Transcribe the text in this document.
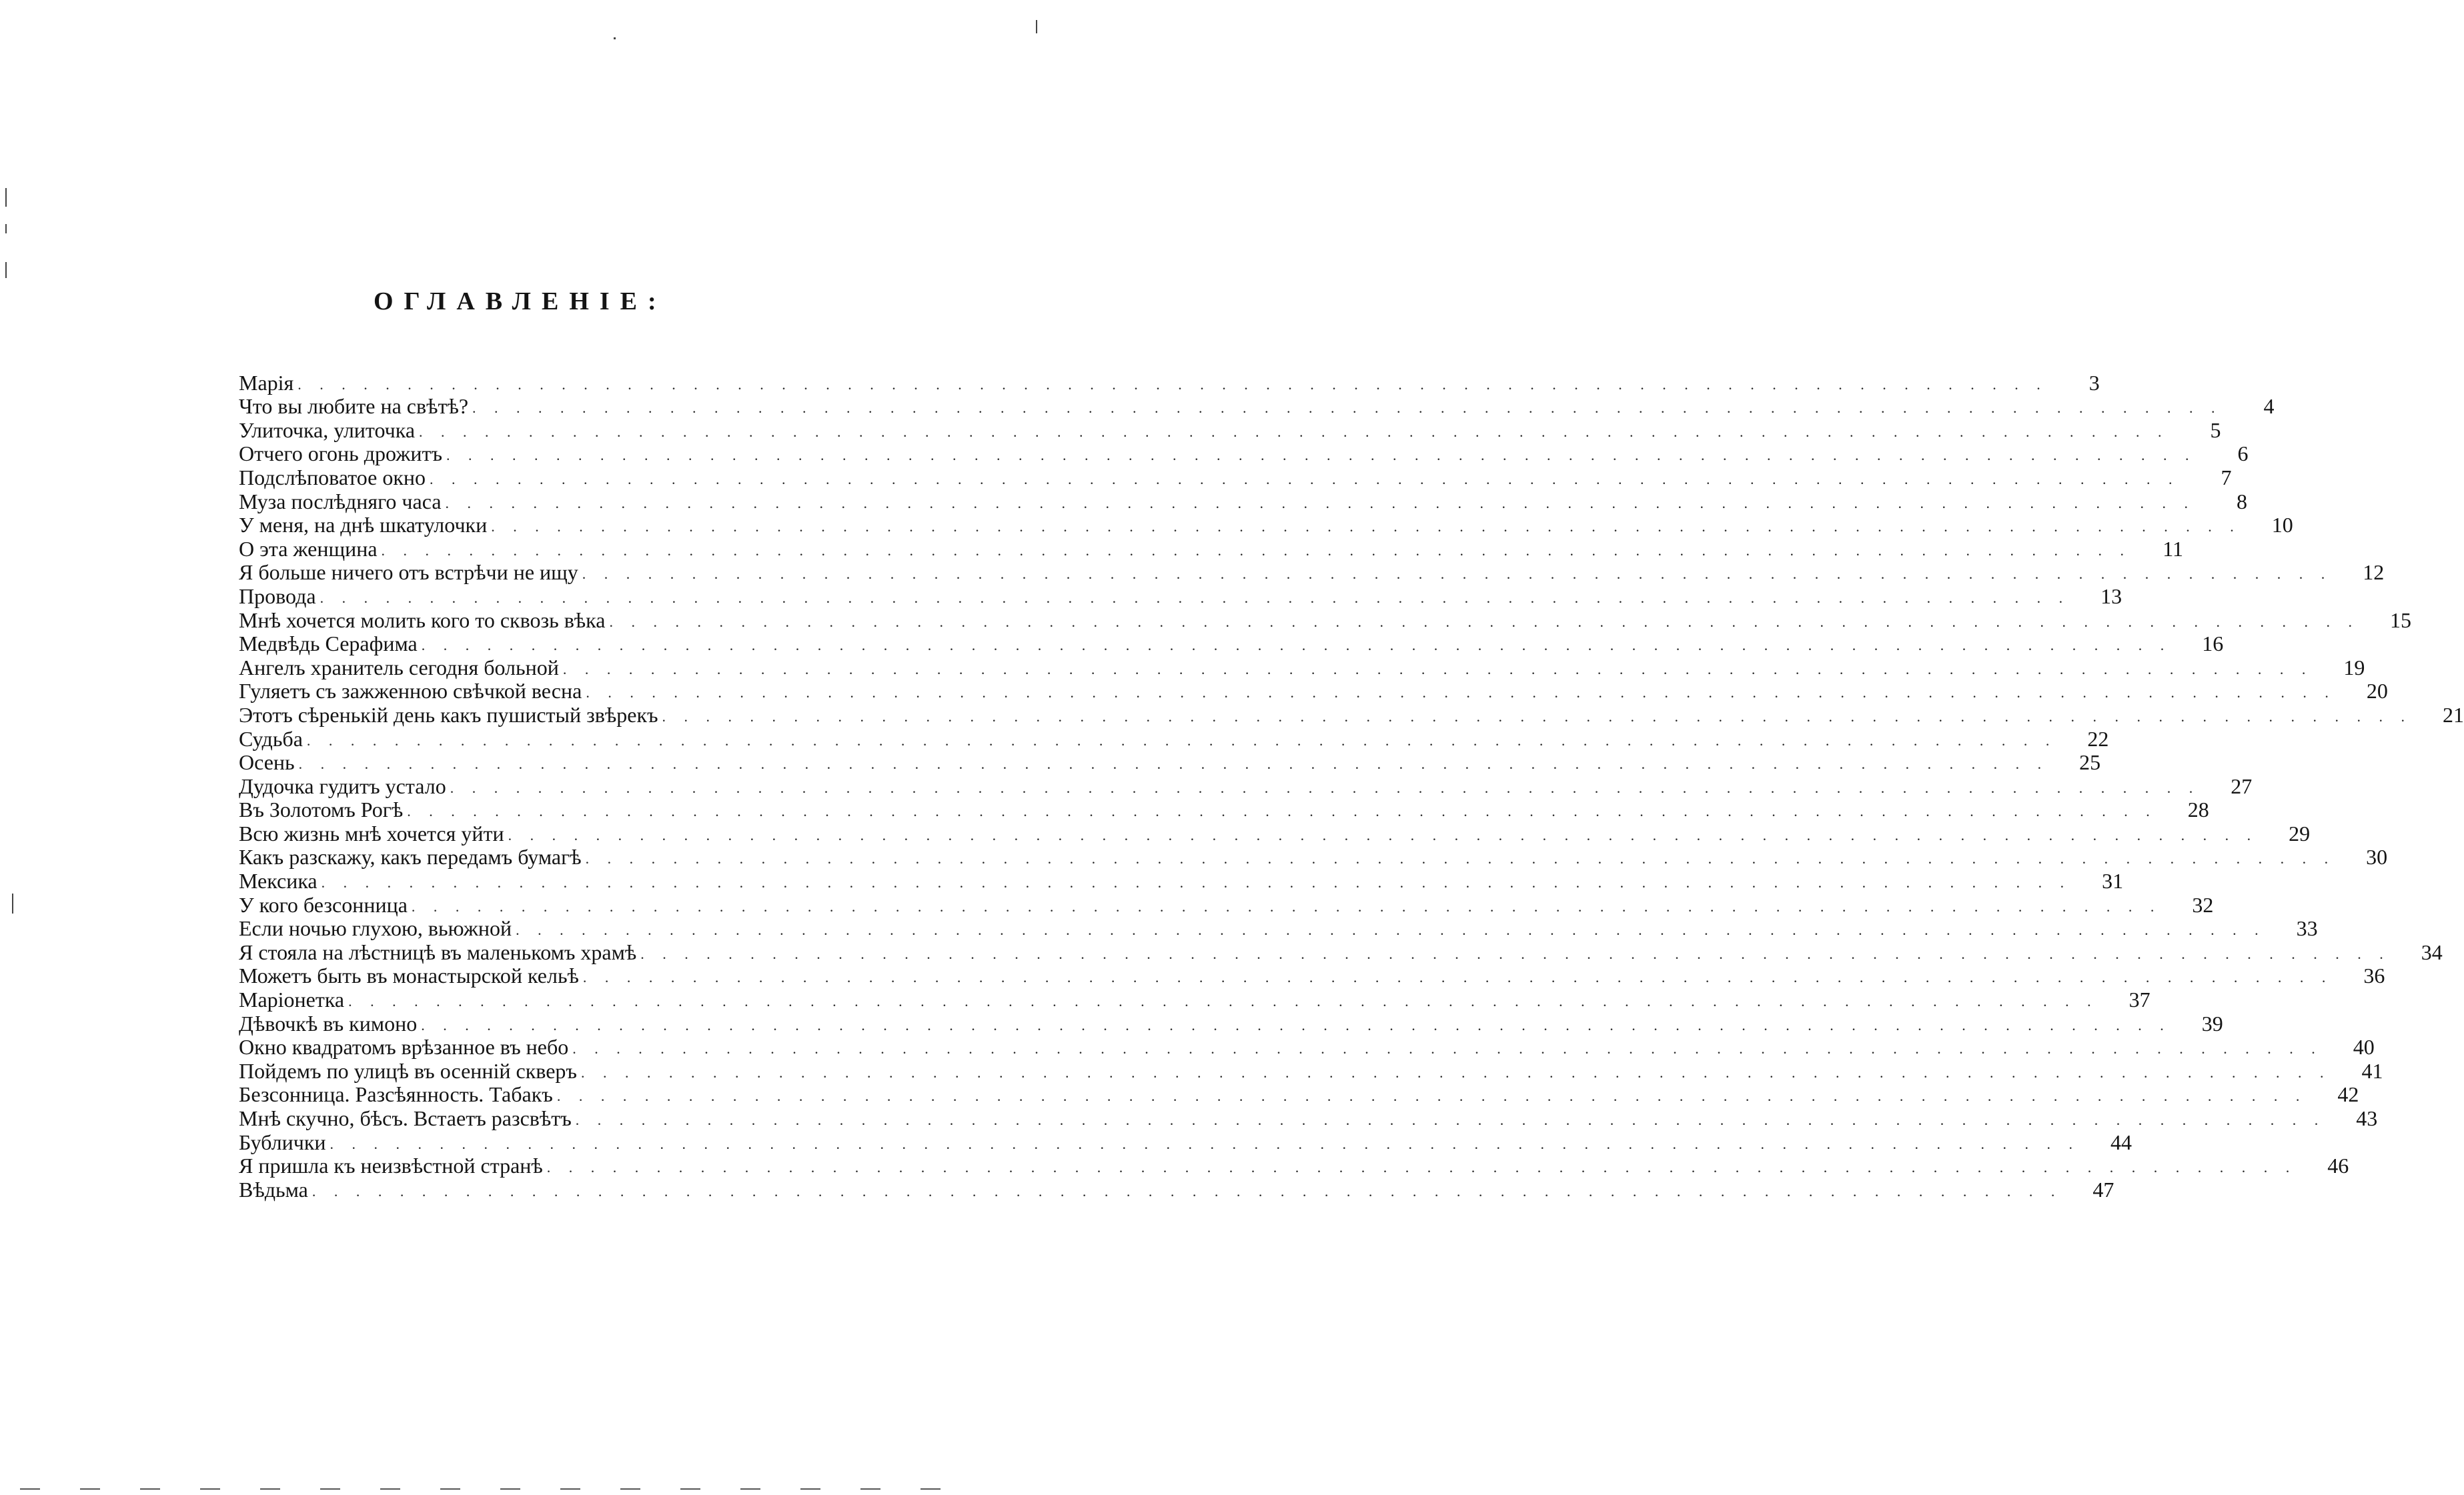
ОГЛАВЛЕНІЕ:
Марія . . . . . . . . . . . . . . . . . . . . . . . . . . . . . . . . . . . . . . . . . . . . . . . . . . . . . . . . . . . . . . . . . . . . . . . . . . . . . . . .	3
Что вы любите на свѣтѣ? . . . . . . . . . . . . . . . . . . . . . . . . . . . . . . . . . . . . . . . . . . . . . . . . . . . . . . . . . . . . . . . . . . . . . . . . . . . . . . . .	4
Улиточка, улиточка . . . . . . . . . . . . . . . . . . . . . . . . . . . . . . . . . . . . . . . . . . . . . . . . . . . . . . . . . . . . . . . . . . . . . . . . . . . . . . . .	5
Отчего огонь дрожитъ . . . . . . . . . . . . . . . . . . . . . . . . . . . . . . . . . . . . . . . . . . . . . . . . . . . . . . . . . . . . . . . . . . . . . . . . . . . . . . . .	6
Подслѣповатое окно . . . . . . . . . . . . . . . . . . . . . . . . . . . . . . . . . . . . . . . . . . . . . . . . . . . . . . . . . . . . . . . . . . . . . . . . . . . . . . . .	7
Муза послѣдняго часа . . . . . . . . . . . . . . . . . . . . . . . . . . . . . . . . . . . . . . . . . . . . . . . . . . . . . . . . . . . . . . . . . . . . . . . . . . . . . . . .	8
У меня, на днѣ шкатулочки . . . . . . . . . . . . . . . . . . . . . . . . . . . . . . . . . . . . . . . . . . . . . . . . . . . . . . . . . . . . . . . . . . . . . . . . . . . . . . . .	10
О эта женщина . . . . . . . . . . . . . . . . . . . . . . . . . . . . . . . . . . . . . . . . . . . . . . . . . . . . . . . . . . . . . . . . . . . . . . . . . . . . . . . .	11
Я больше ничего отъ встрѣчи не ищу . . . . . . . . . . . . . . . . . . . . . . . . . . . . . . . . . . . . . . . . . . . . . . . . . . . . . . . . . . . . . . . . . . . . . . . . . . . . . . . .	12
Провода . . . . . . . . . . . . . . . . . . . . . . . . . . . . . . . . . . . . . . . . . . . . . . . . . . . . . . . . . . . . . . . . . . . . . . . . . . . . . . . .	13
Мнѣ хочется молить кого то сквозь вѣка . . . . . . . . . . . . . . . . . . . . . . . . . . . . . . . . . . . . . . . . . . . . . . . . . . . . . . . . . . . . . . . . . . . . . . . . . . . . . . . .	15
Медвѣдь Серафима . . . . . . . . . . . . . . . . . . . . . . . . . . . . . . . . . . . . . . . . . . . . . . . . . . . . . . . . . . . . . . . . . . . . . . . . . . . . . . . .	16
Ангелъ хранитель сегодня больной . . . . . . . . . . . . . . . . . . . . . . . . . . . . . . . . . . . . . . . . . . . . . . . . . . . . . . . . . . . . . . . . . . . . . . . . . . . . . . . .	19
Гуляетъ съ зажженною свѣчкой весна . . . . . . . . . . . . . . . . . . . . . . . . . . . . . . . . . . . . . . . . . . . . . . . . . . . . . . . . . . . . . . . . . . . . . . . . . . . . . . . .	20
Этотъ сѣренькій день какъ пушистый звѣрекъ . . . . . . . . . . . . . . . . . . . . . . . . . . . . . . . . . . . . . . . . . . . . . . . . . . . . . . . . . . . . . . . . . . . . . . . . . . . . . . . .	21
Судьба . . . . . . . . . . . . . . . . . . . . . . . . . . . . . . . . . . . . . . . . . . . . . . . . . . . . . . . . . . . . . . . . . . . . . . . . . . . . . . . .	22
Осень . . . . . . . . . . . . . . . . . . . . . . . . . . . . . . . . . . . . . . . . . . . . . . . . . . . . . . . . . . . . . . . . . . . . . . . . . . . . . . . .	25
Дудочка гудитъ устало . . . . . . . . . . . . . . . . . . . . . . . . . . . . . . . . . . . . . . . . . . . . . . . . . . . . . . . . . . . . . . . . . . . . . . . . . . . . . . . .	27
Въ Золотомъ Рогѣ . . . . . . . . . . . . . . . . . . . . . . . . . . . . . . . . . . . . . . . . . . . . . . . . . . . . . . . . . . . . . . . . . . . . . . . . . . . . . . . .	28
Всю жизнь мнѣ хочется уйти . . . . . . . . . . . . . . . . . . . . . . . . . . . . . . . . . . . . . . . . . . . . . . . . . . . . . . . . . . . . . . . . . . . . . . . . . . . . . . . .	29
Какъ разскажу, какъ передамъ бумагѣ . . . . . . . . . . . . . . . . . . . . . . . . . . . . . . . . . . . . . . . . . . . . . . . . . . . . . . . . . . . . . . . . . . . . . . . . . . . . . . . .	30
Мексика . . . . . . . . . . . . . . . . . . . . . . . . . . . . . . . . . . . . . . . . . . . . . . . . . . . . . . . . . . . . . . . . . . . . . . . . . . . . . . . .	31
У кого безсонница . . . . . . . . . . . . . . . . . . . . . . . . . . . . . . . . . . . . . . . . . . . . . . . . . . . . . . . . . . . . . . . . . . . . . . . . . . . . . . . .	32
Если ночью глухою, вьюжной . . . . . . . . . . . . . . . . . . . . . . . . . . . . . . . . . . . . . . . . . . . . . . . . . . . . . . . . . . . . . . . . . . . . . . . . . . . . . . . .	33
Я стояла на лѣстницѣ въ маленькомъ храмѣ . . . . . . . . . . . . . . . . . . . . . . . . . . . . . . . . . . . . . . . . . . . . . . . . . . . . . . . . . . . . . . . . . . . . . . . . . . . . . . . .	34
Можетъ быть въ монастырской кельѣ . . . . . . . . . . . . . . . . . . . . . . . . . . . . . . . . . . . . . . . . . . . . . . . . . . . . . . . . . . . . . . . . . . . . . . . . . . . . . . . .	36
Маріонетка . . . . . . . . . . . . . . . . . . . . . . . . . . . . . . . . . . . . . . . . . . . . . . . . . . . . . . . . . . . . . . . . . . . . . . . . . . . . . . . .	37
Дѣвочкѣ въ кимоно . . . . . . . . . . . . . . . . . . . . . . . . . . . . . . . . . . . . . . . . . . . . . . . . . . . . . . . . . . . . . . . . . . . . . . . . . . . . . . . .	39
Окно квадратомъ врѣзанное въ небо . . . . . . . . . . . . . . . . . . . . . . . . . . . . . . . . . . . . . . . . . . . . . . . . . . . . . . . . . . . . . . . . . . . . . . . . . . . . . . . .	40
Пойдемъ по улицѣ въ осенній скверъ . . . . . . . . . . . . . . . . . . . . . . . . . . . . . . . . . . . . . . . . . . . . . . . . . . . . . . . . . . . . . . . . . . . . . . . . . . . . . . . .	41
Безсонница. Разсѣянность. Табакъ . . . . . . . . . . . . . . . . . . . . . . . . . . . . . . . . . . . . . . . . . . . . . . . . . . . . . . . . . . . . . . . . . . . . . . . . . . . . . . . .	42
Мнѣ скучно, бѣсъ. Встаетъ разсвѣтъ . . . . . . . . . . . . . . . . . . . . . . . . . . . . . . . . . . . . . . . . . . . . . . . . . . . . . . . . . . . . . . . . . . . . . . . . . . . . . . . .	43
Бублички . . . . . . . . . . . . . . . . . . . . . . . . . . . . . . . . . . . . . . . . . . . . . . . . . . . . . . . . . . . . . . . . . . . . . . . . . . . . . . . .	44
Я пришла къ неизвѣстной странѣ . . . . . . . . . . . . . . . . . . . . . . . . . . . . . . . . . . . . . . . . . . . . . . . . . . . . . . . . . . . . . . . . . . . . . . . . . . . . . . . .	46
Вѣдьма . . . . . . . . . . . . . . . . . . . . . . . . . . . . . . . . . . . . . . . . . . . . . . . . . . . . . . . . . . . . . . . . . . . . . . . . . . . . . . . .	47
